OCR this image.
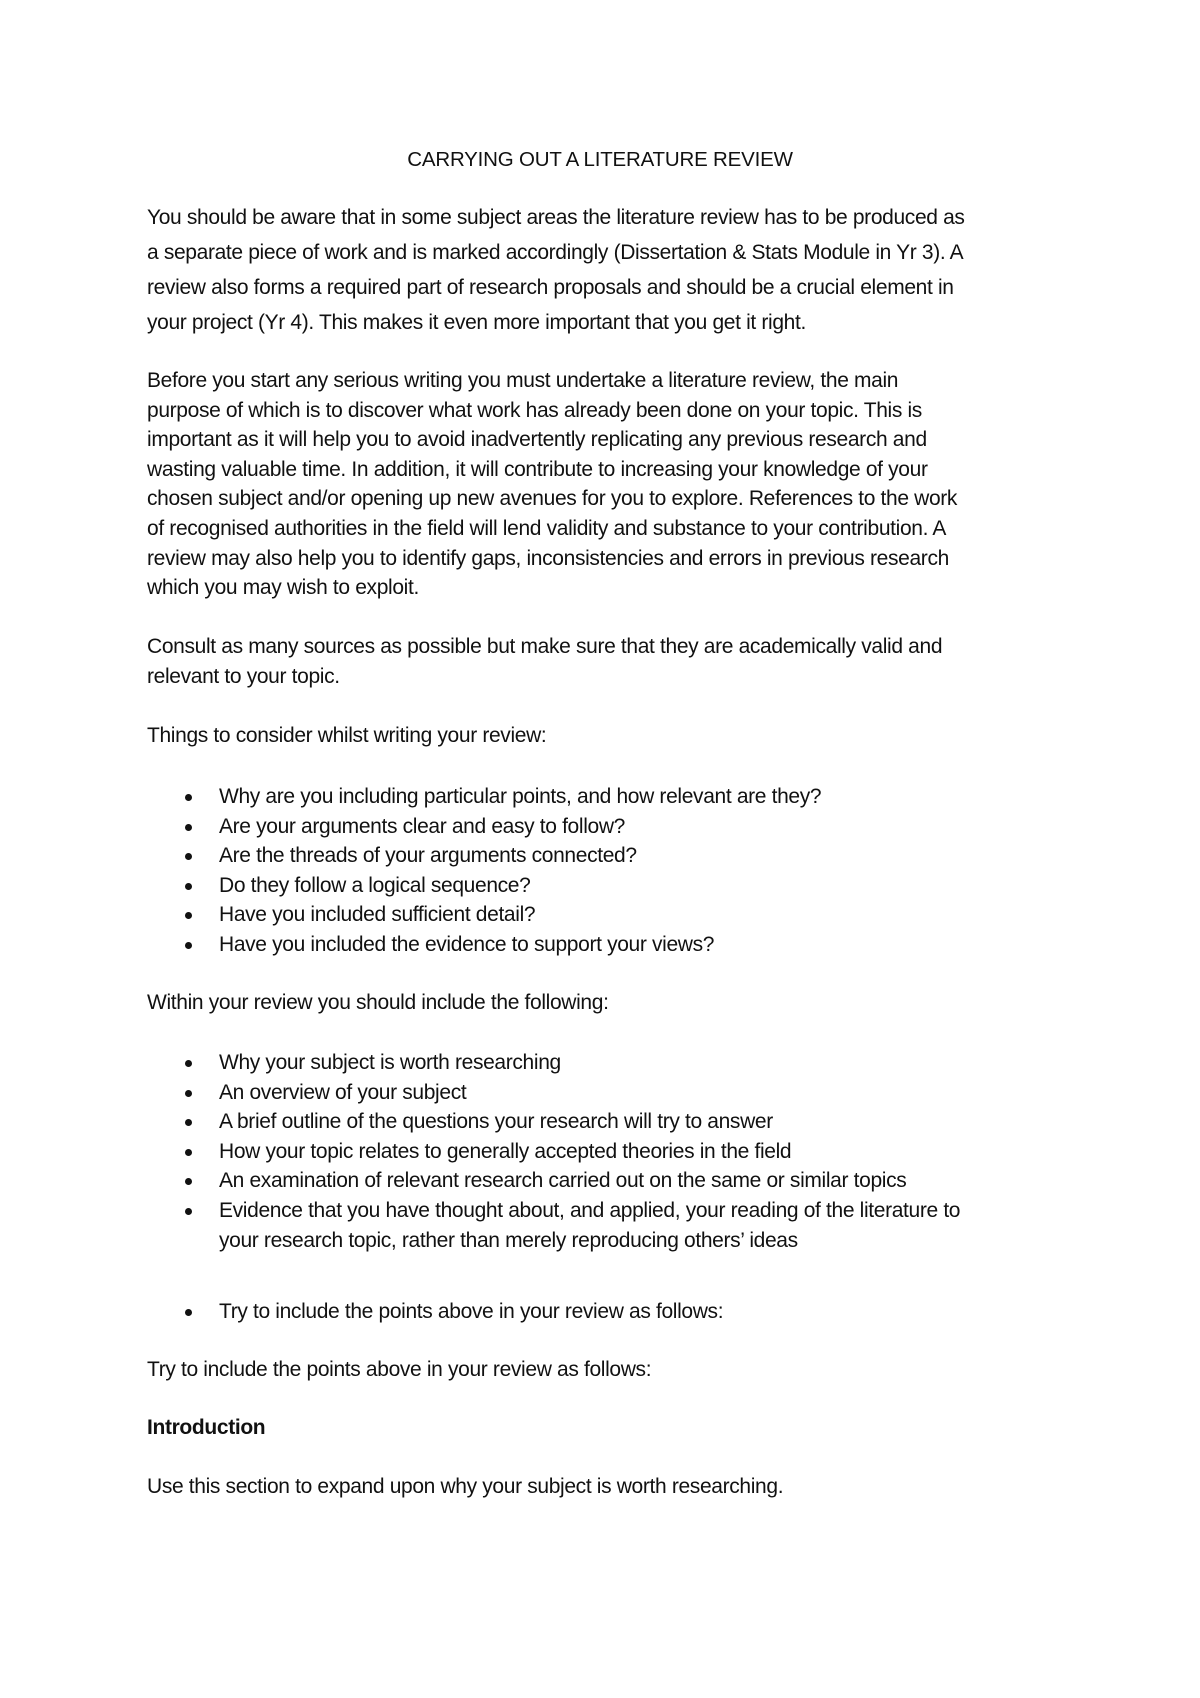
CARRYING OUT A LITERATURE REVIEW

You should be aware that in some subject areas the literature review has to be produced as
a separate piece of work and is marked accordingly (Dissertation & Stats Module in Yr 3). A
review also forms a required part of research proposals and should be a crucial element in
your project (Yr 4). This makes it even more important that you get it right.

Before you start any serious writing you must undertake a literature review, the main
purpose of which is to discover what work has already been done on your topic. This is
important as it will help you to avoid inadvertently replicating any previous research and
wasting valuable time. In addition, it will contribute to increasing your knowledge of your
chosen subject and/or opening up new avenues for you to explore. References to the work
of recognised authorities in the field will lend validity and substance to your contribution. A
review may also help you to identify gaps, inconsistencies and errors in previous research
which you may wish to exploit.

Consult as many sources as possible but make sure that they are academically valid and
relevant to your topic.

Things to consider whilst writing your review:

Why are you including particular points, and how relevant are they?
Are your arguments clear and easy to follow?
Are the threads of your arguments connected?
Do they follow a logical sequence?
Have you included sufficient detail?
Have you included the evidence to support your views?

Within your review you should include the following:

Why your subject is worth researching
An overview of your subject
A brief outline of the questions your research will try to answer
How your topic relates to generally accepted theories in the field
An examination of relevant research carried out on the same or similar topics
Evidence that you have thought about, and applied, your reading of the literature to
your research topic, rather than merely reproducing others’ ideas
Try to include the points above in your review as follows:

Try to include the points above in your review as follows:

Introduction

Use this section to expand upon why your subject is worth researching.
